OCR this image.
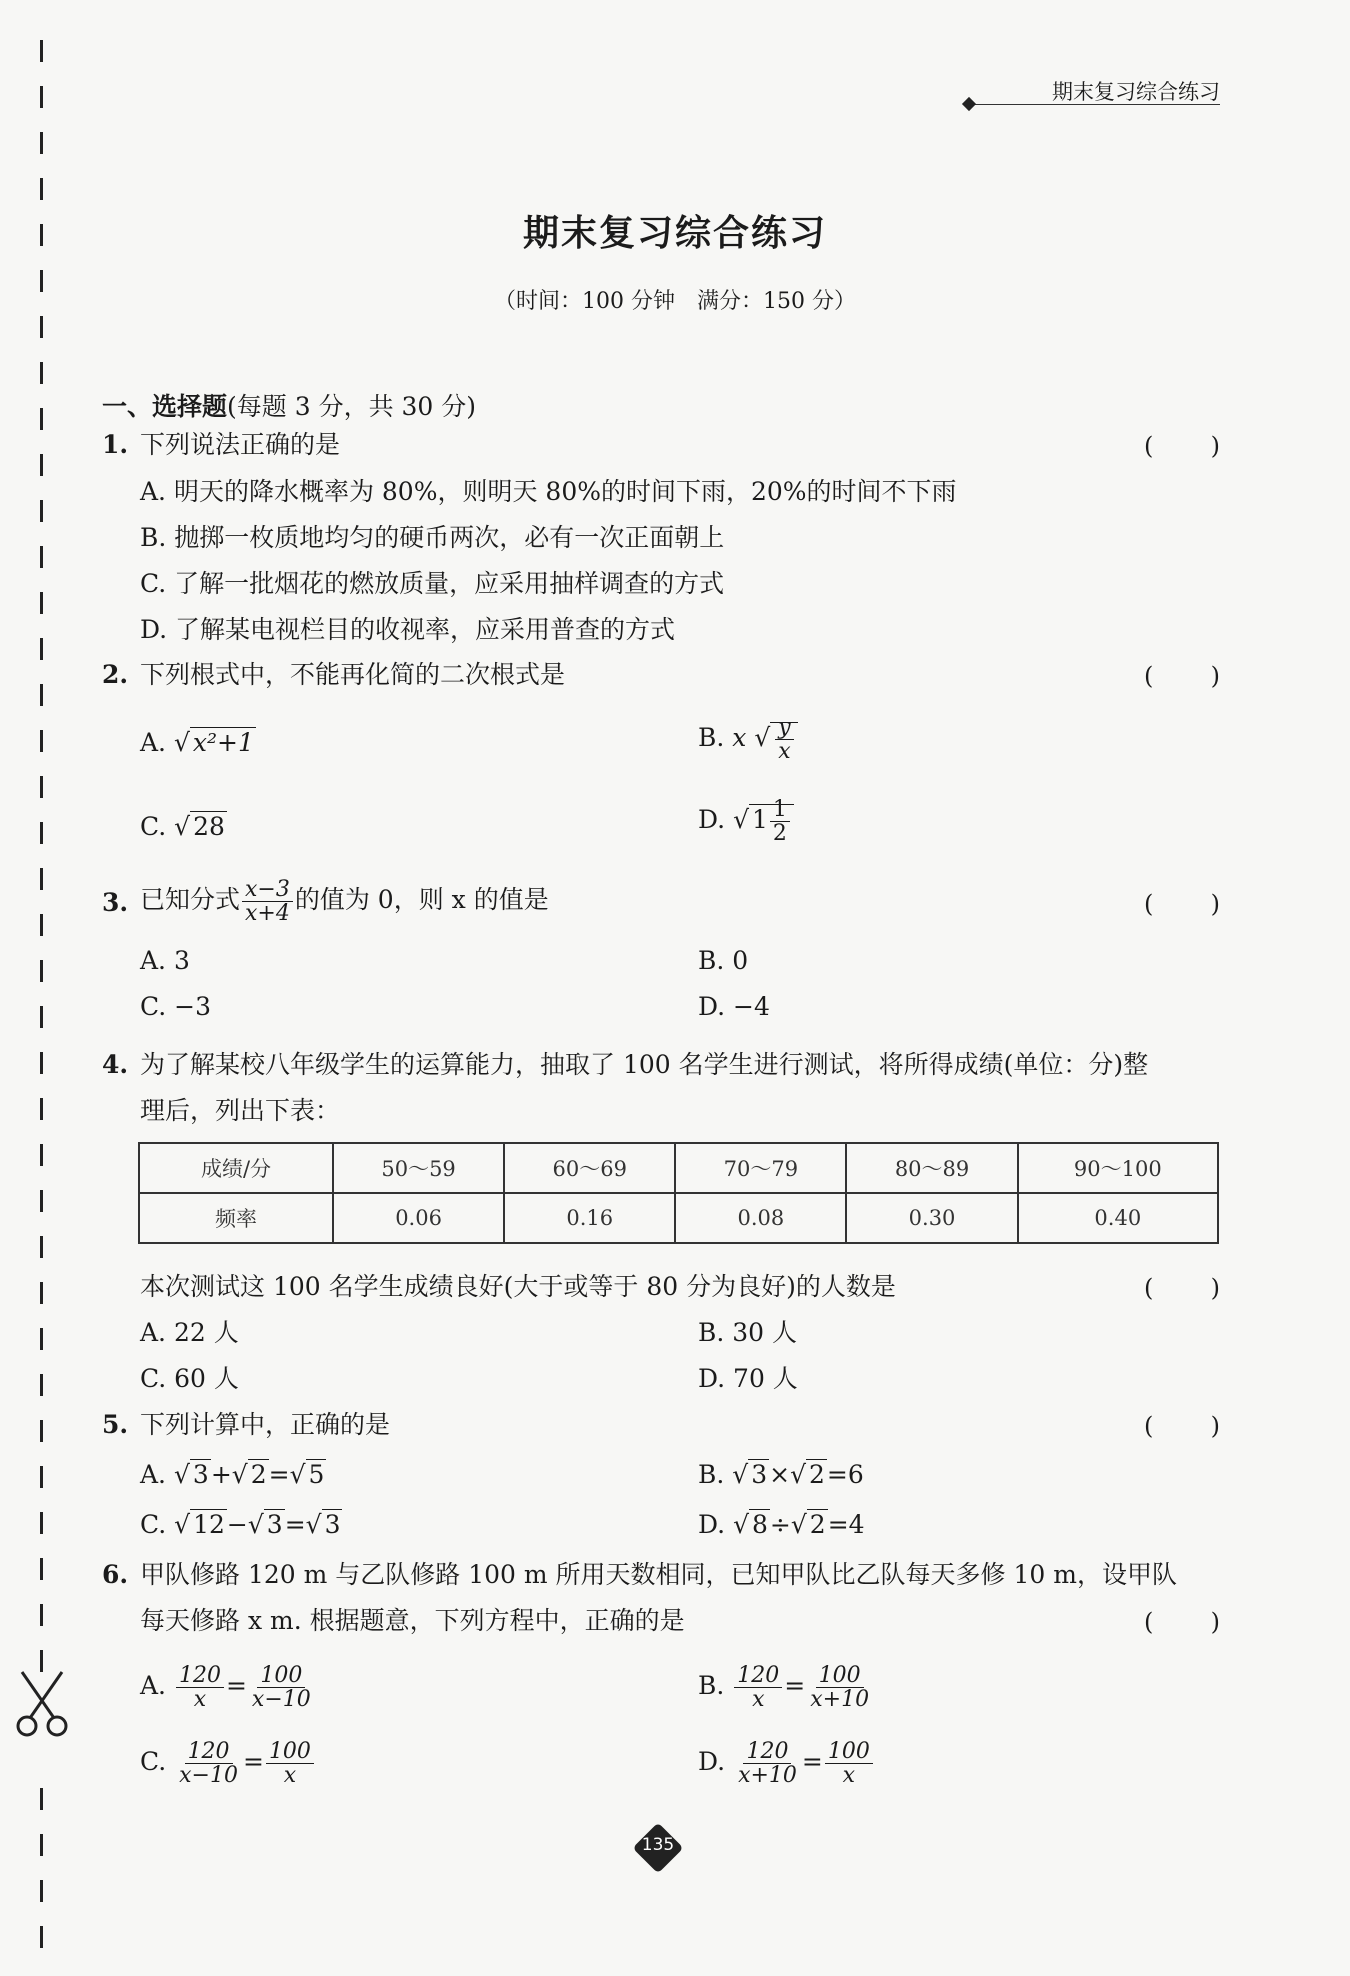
期末复习综合练习
期末复习综合练习
（时间：100 分钟　满分：150 分）
一、选择题(每题 3 分，共 30 分)
1. 下列说法正确的是	( )
A. 明天的降水概率为 80%，则明天 80%的时间下雨，20%的时间不下雨
B. 抛掷一枚质地均匀的硬币两次，必有一次正面朝上
C. 了解一批烟花的燃放质量，应采用抽样调查的方式
D. 了解某电视栏目的收视率，应采用普查的方式
2. 下列根式中，不能再化简的二次根式是	( )
A. √ x²+1	B. x √ $\frac{y}{x}$
C. √ 28	D. √ $1 \frac{1}{2}$
3. 已知分式 $\frac{x-3}{x+4}$ 的值为 0，则 x 的值是	( )
A. 3	B. 0
C. −3	D. −4
4. 为了解某校八年级学生的运算能力，抽取了 100 名学生进行测试，将所得成绩(单位：分)整
理后，列出下表：
成绩/分	50～59	60～69	70～79	80～89	90～100
频率	0.06	0.16	0.08	0.30	0.40
本次测试这 100 名学生成绩良好(大于或等于 80 分为良好)的人数是	( )
A. 22 人	B. 30 人
C. 60 人	D. 70 人
5. 下列计算中，正确的是	( )
A. √ 3+√ 2=√ 5	B. √ 3×√ 2=6
C. √ 12−√ 3=√ 3	D. √ 8÷√ 2=4
6. 甲队修路 120 m 与乙队修路 100 m 所用天数相同，已知甲队比乙队每天多修 10 m，设甲队
每天修路 x m. 根据题意，下列方程中，正确的是	( )
A. $\frac{120}{x} = \frac{100}{x-10}$	B. $\frac{120}{x} = \frac{100}{x+10}$
C. $\frac{120}{x-10} = \frac{100}{x}$	D. $\frac{120}{x+10} = \frac{100}{x}$
135
